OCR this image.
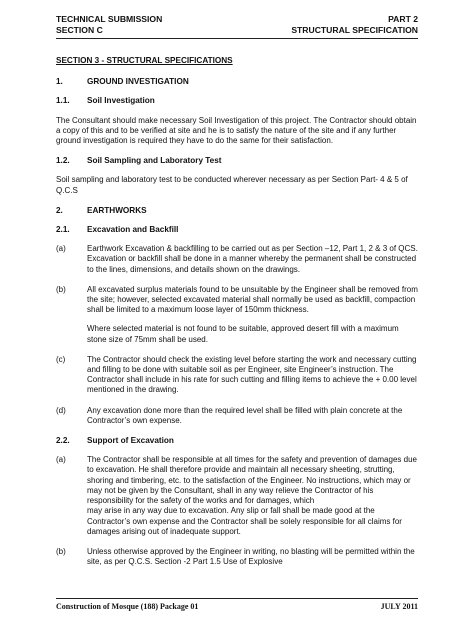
TECHNICAL SUBMISSION	PART 2
SECTION C	STRUCTURAL SPECIFICATION
SECTION 3 - STRUCTURAL SPECIFICATIONS
1.	GROUND INVESTIGATION
1.1. Soil Investigation

The Consultant should make necessary Soil Investigation of this project. The Contractor should obtain a copy of this and to be verified at site and he is to satisfy the nature of the site and if any further ground investigation is required they have to do the same for their satisfaction.

1.2. Soil Sampling and Laboratory Test

Soil sampling and laboratory test to be conducted wherever necessary as per Section Part- 4 & 5 of Q.C.S

2.	EARTHWORKS
2.1. Excavation and Backfill
(a)	Earthwork Excavation & backfilling to be carried out as per Section –12, Part 1, 2 & 3 of QCS. Excavation or backfill shall be done in a manner whereby the permanent shall be constructed to the lines, dimensions, and details shown on the drawings.

(b)	All excavated surplus materials found to be unsuitable by the Engineer shall be removed from the site; however, selected excavated material shall normally be used as backfill, compaction shall be limited to a maximum loose layer of 150mm thickness.

Where selected material is not found to be suitable, approved desert fill with a maximum stone size of 75mm shall be used.

(c)	The Contractor should check the existing level before starting the work and necessary cutting and filling to be done with suitable soil as per Engineer, site Engineer’s instruction. The Contractor shall include in his rate for such cutting and filling items to achieve the + 0.00 level mentioned in the drawing.

(d)	Any excavation done more than the required level shall be filled with plain concrete at the Contractor’s own expense.

2.2. Support of Excavation
(a)	The Contractor shall be responsible at all times for the safety and prevention of damages due to excavation. He shall therefore provide and maintain all necessary sheeting, strutting, shoring and timbering, etc. to the satisfaction of the Engineer. No instructions, which may or may not be given by the Consultant, shall in any way relieve the Contractor of his responsibility for the safety of the works and for damages, which

may arise in any way due to excavation. Any slip or fall shall be made good at the Contractor’s own expense and the Contractor shall be solely responsible for all claims for damages arising out of inadequate support.

(b)	Unless otherwise approved by the Engineer in writing, no blasting will be permitted within the site, as per Q.C.S. Section -2 Part 1.5 Use of Explosive

Construction of Mosque (188) Package 01	JULY 2011
